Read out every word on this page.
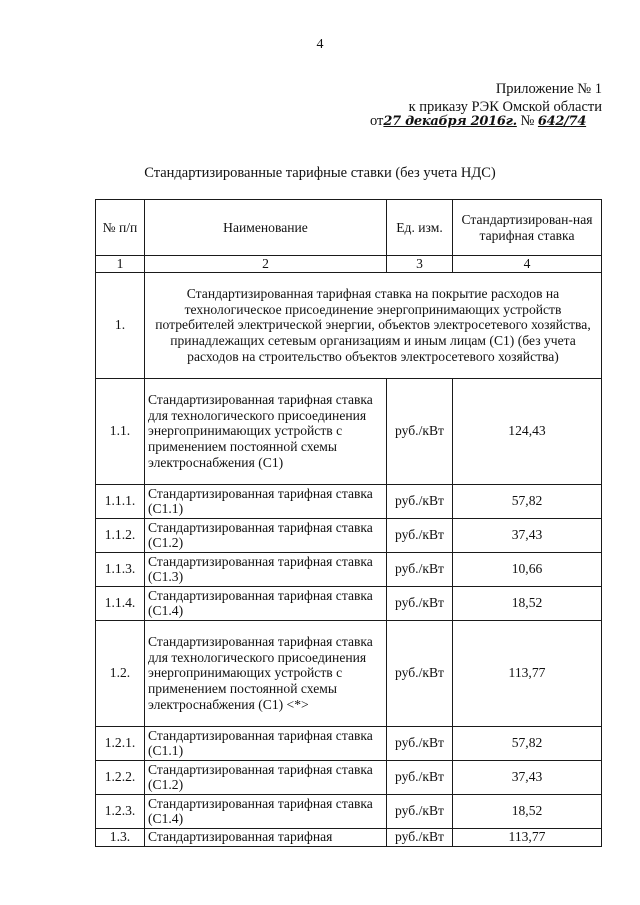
4
Приложение № 1
к приказу РЭК Омской области
от27 декабря 2016г. № 642/74
Стандартизированные тарифные ставки (без учета НДС)
№ п/п	Наименование	Ед. изм.	Стандартизирован-ная тарифная ставка
1	2	3	4
1.	Стандартизированная тарифная ставка на покрытие расходов на технологическое присоединение энергопринимающих устройств потребителей электрической энергии, объектов электросетевого хозяйства, принадлежащих сетевым организациям и иным лицам (С1) (без учета расходов на строительство объектов электросетевого хозяйства)		
1.1.	Стандартизированная тарифная ставка для технологического присоединения энергопринимающих устройств с применением постоянной схемы электроснабжения (С1)	руб./кВт	124,43
1.1.1.	Стандартизированная тарифная ставка (С1.1)	руб./кВт	57,82
1.1.2.	Стандартизированная тарифная ставка (С1.2)	руб./кВт	37,43
1.1.3.	Стандартизированная тарифная ставка (С1.3)	руб./кВт	10,66
1.1.4.	Стандартизированная тарифная ставка (С1.4)	руб./кВт	18,52
1.2.	Стандартизированная тарифная ставка для технологического присоединения энергопринимающих устройств с применением постоянной схемы электроснабжения (С1) <*>	руб./кВт	113,77
1.2.1.	Стандартизированная тарифная ставка (С1.1)	руб./кВт	57,82
1.2.2.	Стандартизированная тарифная ставка (С1.2)	руб./кВт	37,43
1.2.3.	Стандартизированная тарифная ставка (С1.4)	руб./кВт	18,52
1.3.	Стандартизированная тарифная	руб./кВт	113,77
